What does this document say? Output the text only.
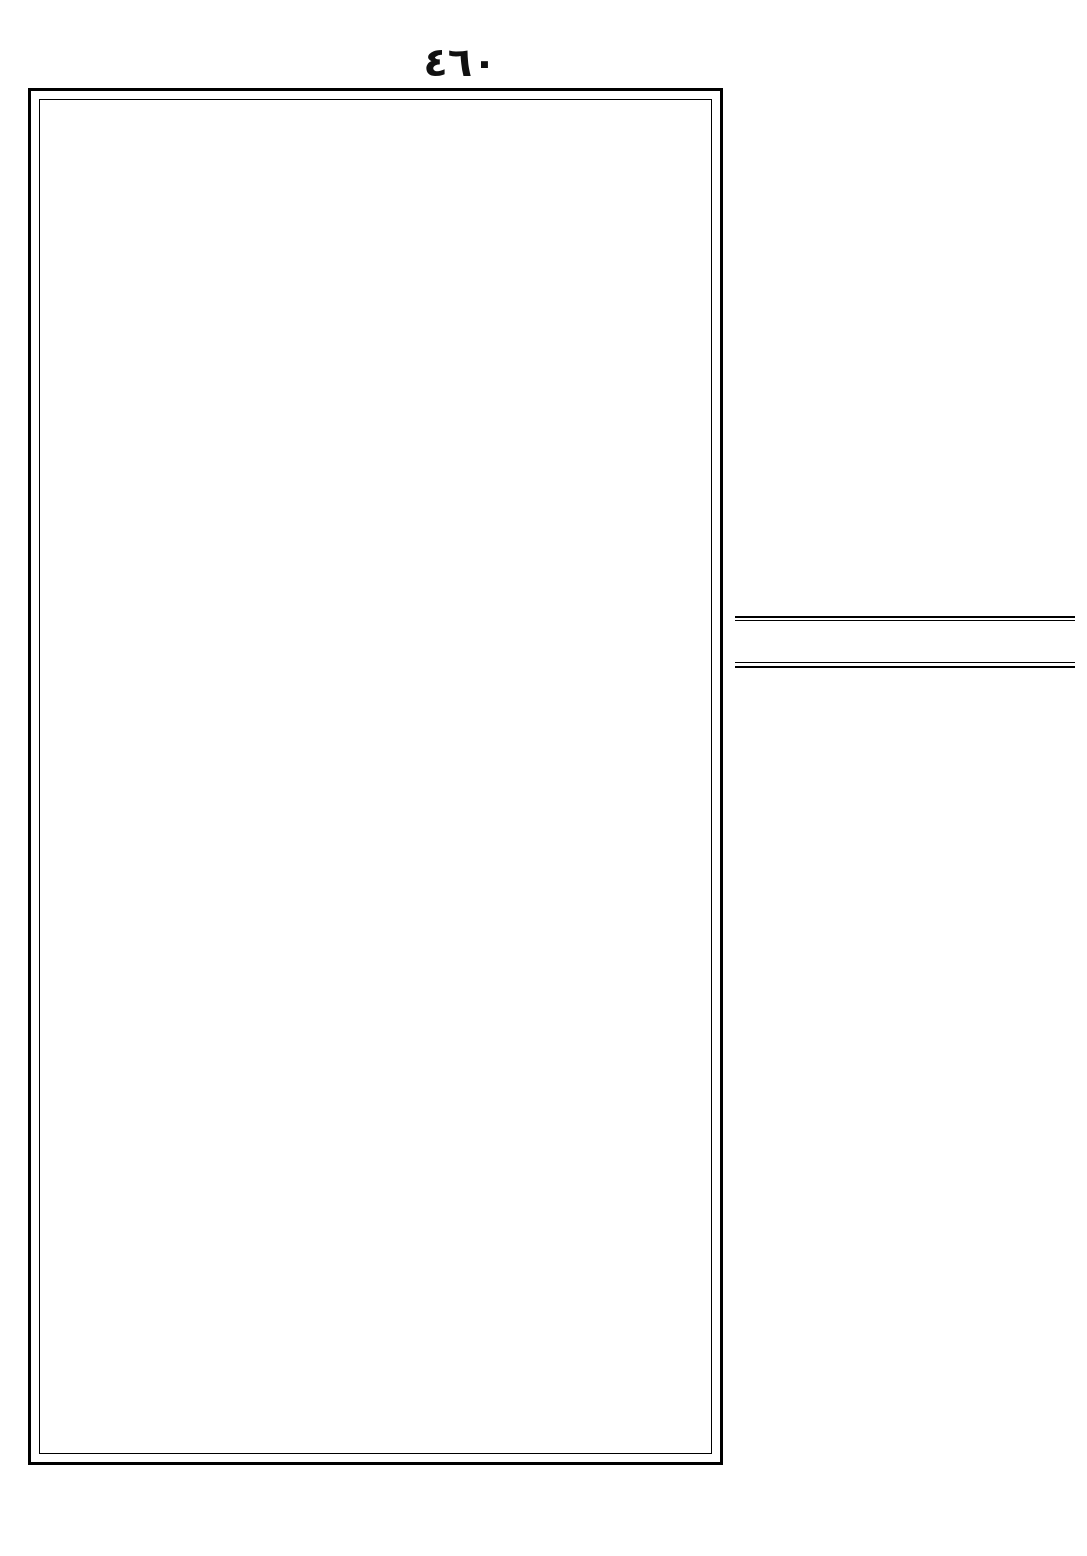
٤٦٠
